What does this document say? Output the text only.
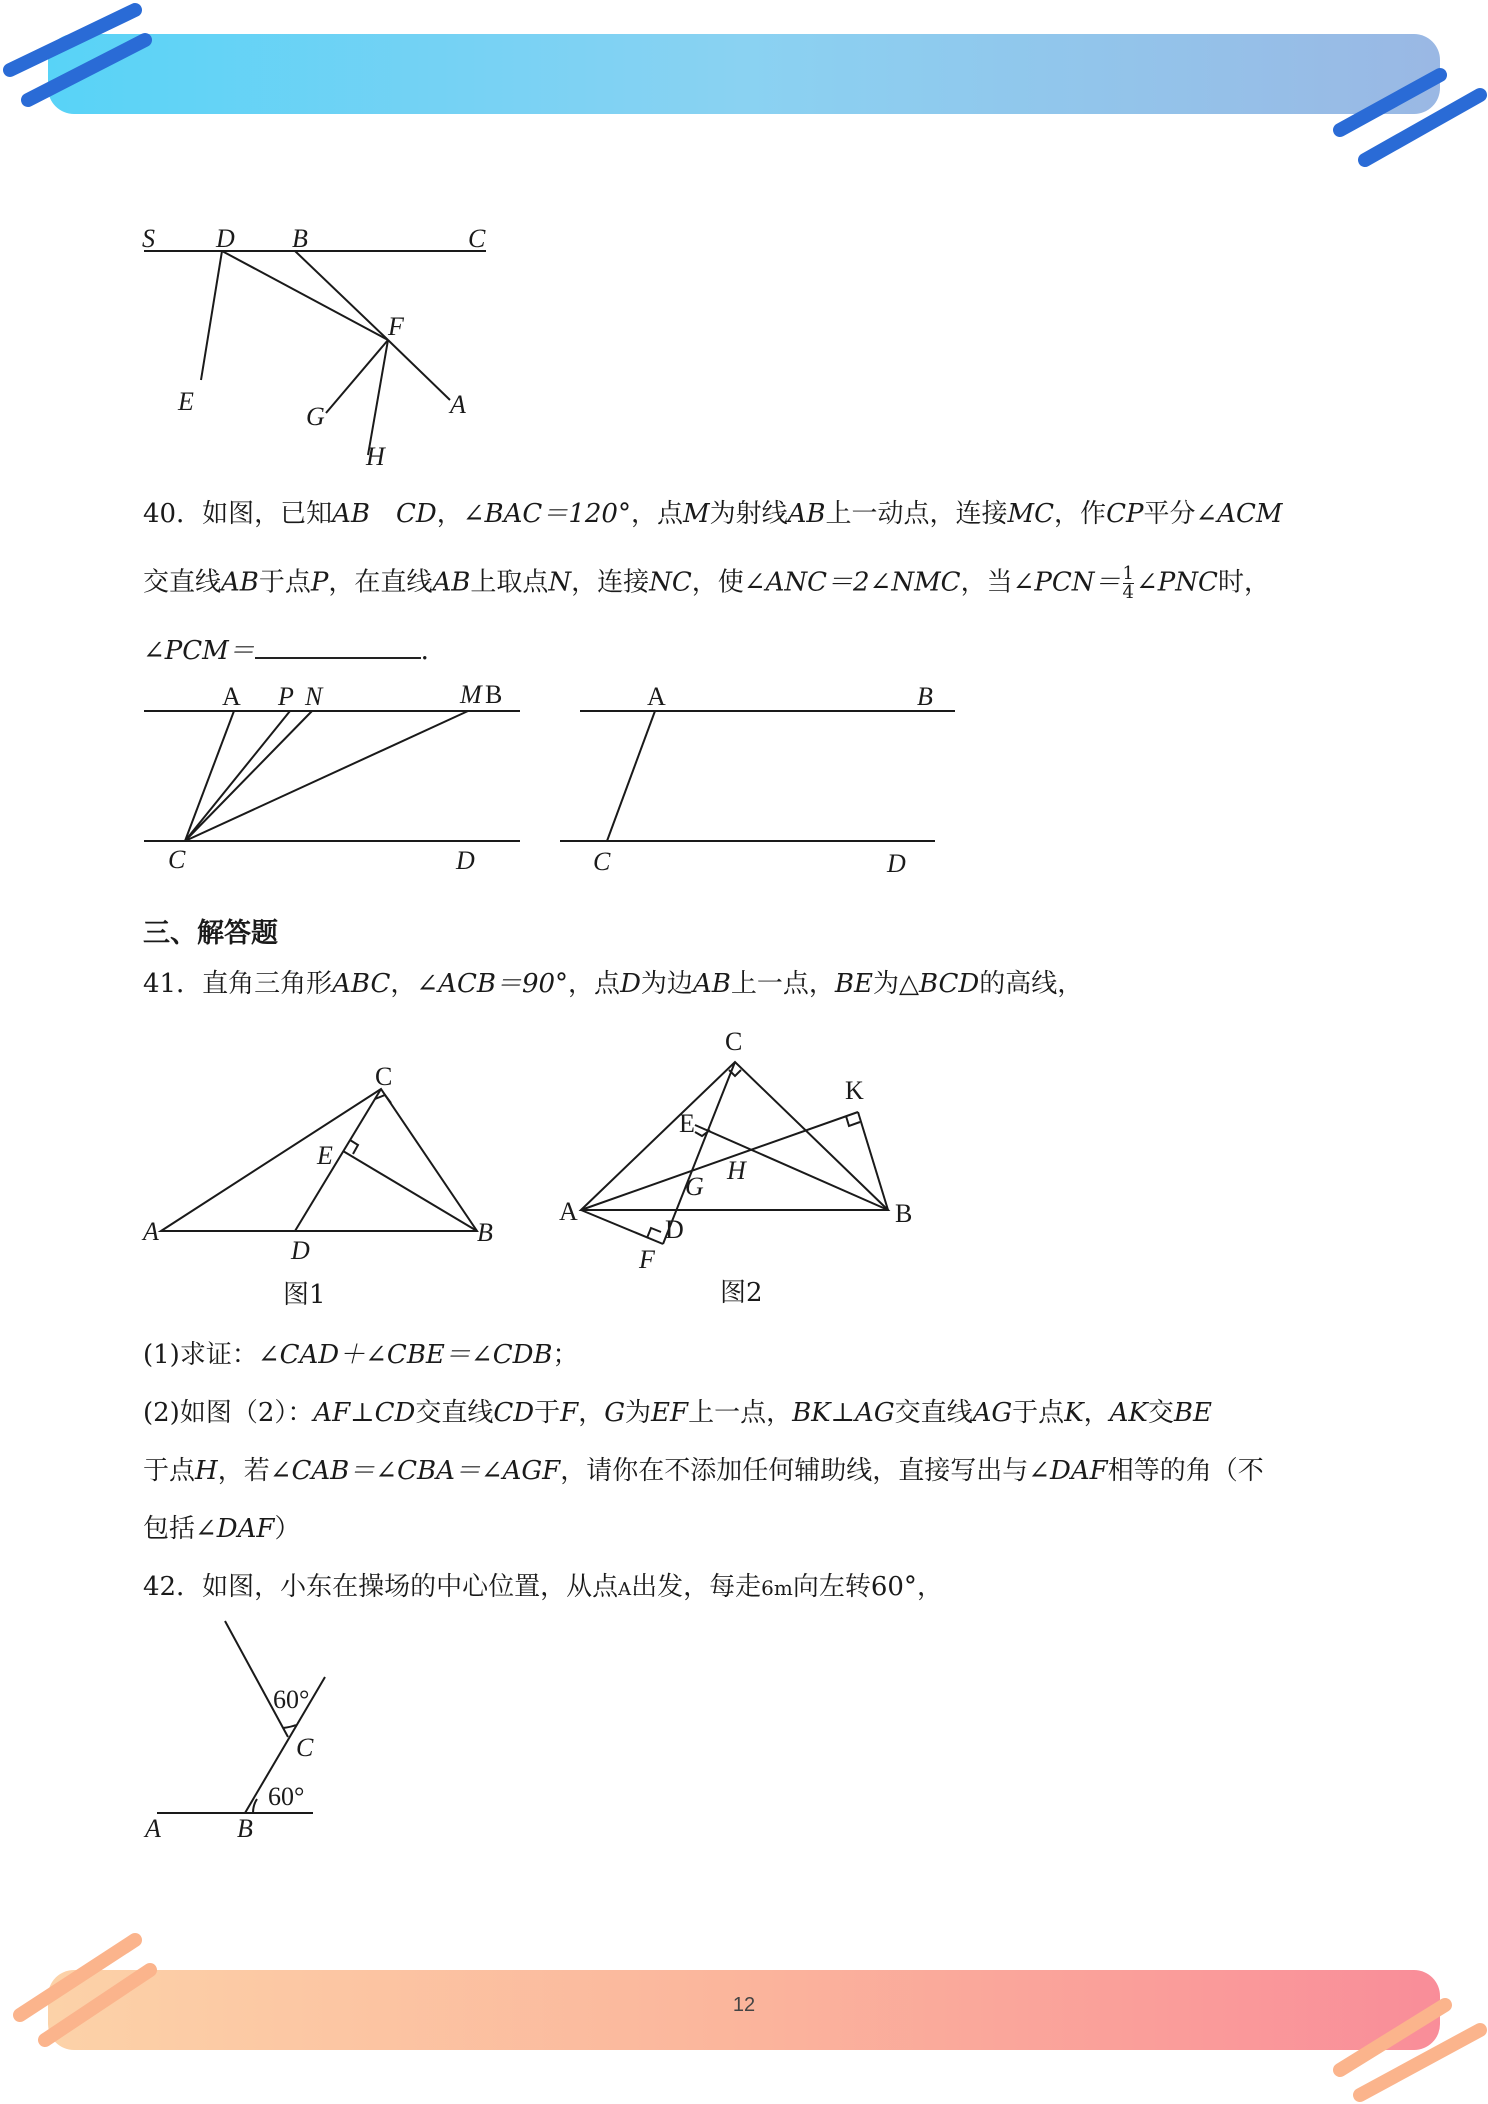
S D B	C
F
E
G	A
H
40．如图，已知AB  CD，∠BAC＝120°，点M为射线AB上一动点，连接MC，作CP平分∠ACM
交直线AB于点P，在直线AB上取点N，连接NC，使∠ANC＝2∠NMC，当∠PCN＝ $\frac{1}{4}$ ∠PNC时，
∠PCM＝	．
A P N	M B
C	D
A	B
C	D
三、解答题
41．直角三角形ABC，∠ACB＝90°，点D为边AB上一点，BE为△BCD的高线，
C
E
A
D
B
图1
C
K
E
H
G
A
D
B
F
图2
(1)求证：∠CAD＋∠CBE＝∠CDB；
(2)如图（2）：AF⊥CD交直线CD于F，G为EF上一点，BK⊥AG交直线AG于点K，AK交BE
于点H，若∠CAB＝∠CBA＝∠AGF，请你在不添加任何辅助线，直接写出与∠DAF相等的角（不
包括∠DAF）
42．如图，小东在操场的中心位置，从点A出发，每走6m向左转60°，
60°
C
60°
A	B
12
